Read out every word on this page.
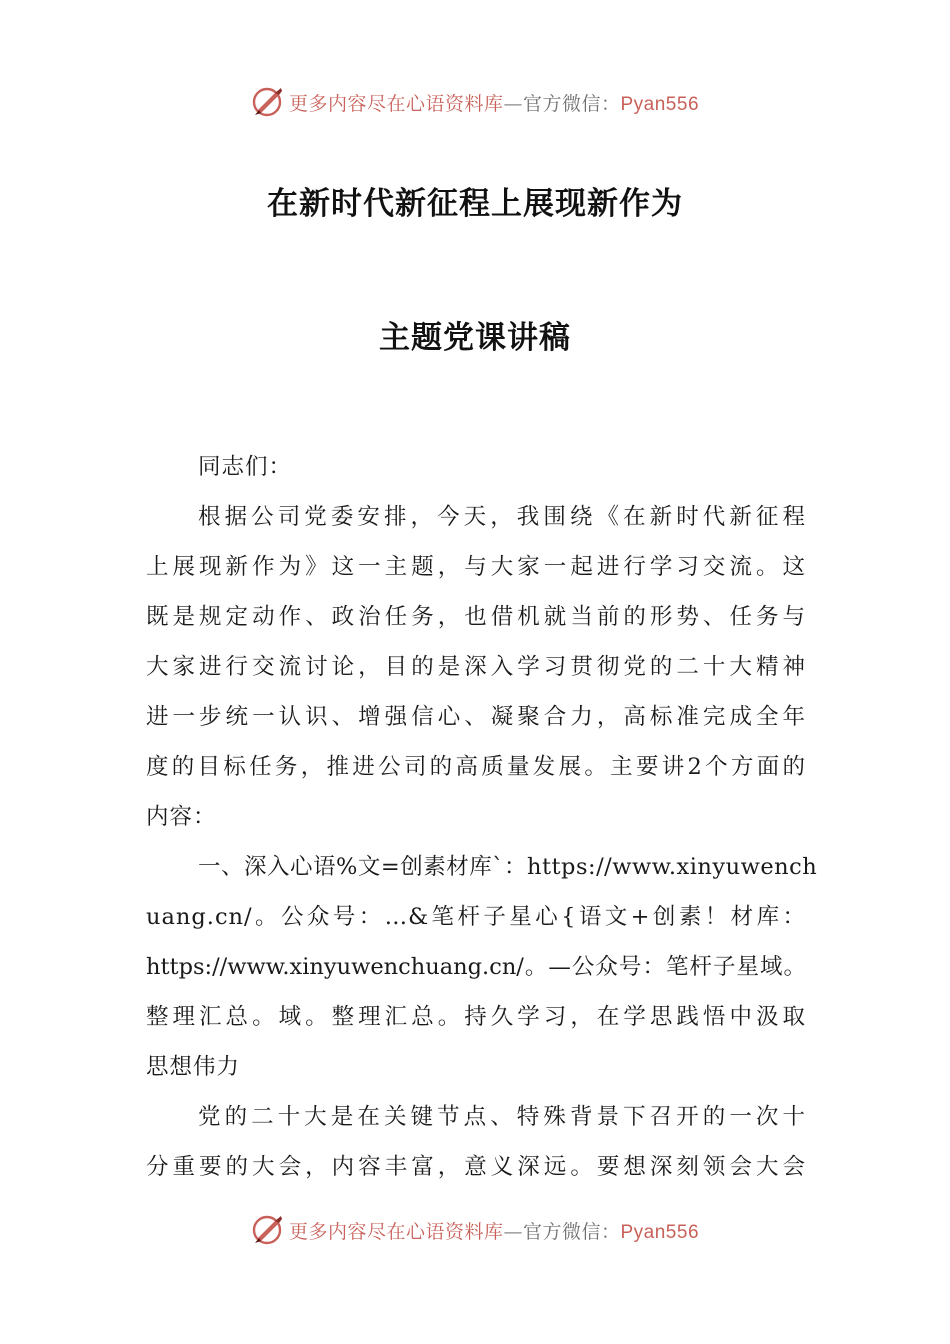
更多内容尽在心语资料库—官方微信：Pyan556
在新时代新征程上展现新作为
主题党课讲稿
同志们：
根据公司党委安排，今天，我围绕《在新时代新征程
上展现新作为》这一主题，与大家一起进行学习交流。这
既是规定动作、政治任务，也借机就当前的形势、任务与
大家进行交流讨论，目的是深入学习贯彻党的二十大精神
进一步统一认识、增强信心、凝聚合力，高标准完成全年
度的目标任务，推进公司的高质量发展。主要讲2个方面的
内容：
一、深入心语%文=创素材库`：https://www.xinyuwench
uang.cn/。公众号：…&笔杆子星心{语文+创素！材库：
https://www.xinyuwenchuang.cn/。—公众号：笔杆子星域。
整理汇总。域。整理汇总。持久学习，在学思践悟中汲取
思想伟力
党的二十大是在关键节点、特殊背景下召开的一次十
分重要的大会，内容丰富，意义深远。要想深刻领会大会
更多内容尽在心语资料库—官方微信：Pyan556
